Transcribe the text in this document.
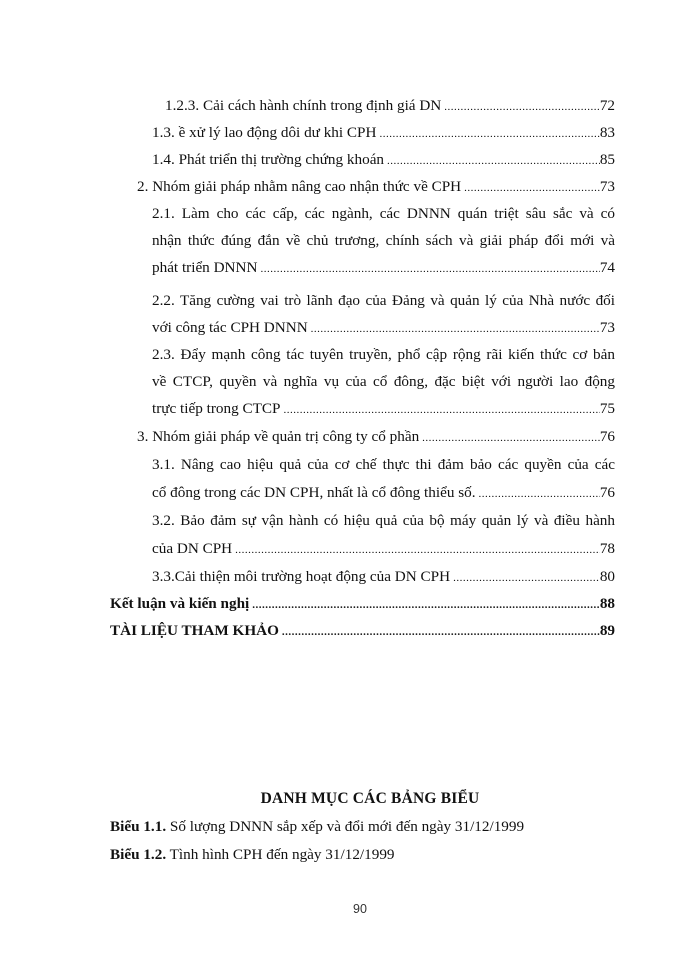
1.2.3. Cải cách hành chính trong định giá DN .....	72
1.3. ề xử lý lao động dôi dư khi CPH .....	83
1.4. Phát triển thị trường chứng khoán .....	85
2. Nhóm giải pháp nhằm nâng cao nhận thức về CPH .....	73
2.1. Làm cho các cấp, các ngành, các DNNN quán triệt sâu sắc và có
nhận thức đúng đắn về chủ trương, chính sách và giải pháp đổi mới và
phát triển DNNN .....	74
2.2. Tăng cường vai trò lãnh đạo của Đảng và quản lý của Nhà nước đối
với công tác CPH DNNN .....	73
2.3. Đẩy mạnh công tác tuyên truyền, phổ cập rộng rãi kiến thức cơ bản
về CTCP, quyền và nghĩa vụ của cổ đông, đặc biệt với người lao động
trực tiếp trong CTCP .....	75
3. Nhóm giải pháp về quản trị công ty cổ phần .....	76
3.1. Nâng cao hiệu quả của cơ chế thực thi đảm bảo các quyền của các
cổ đông trong các DN CPH, nhất là cổ đông thiểu số. .....	76
3.2. Bảo đảm sự vận hành có hiệu quả của bộ máy quản lý và điều hành
của DN CPH .....	78
3.3.Cải thiện môi trường hoạt động của DN CPH .....	80
Kết luận và kiến nghị .....	88
TÀI LIỆU THAM KHẢO .....	89
DANH MỤC CÁC BẢNG BIỂU
Biểu 1.1. Số lượng DNNN sắp xếp và đổi mới đến ngày 31/12/1999
Biểu 1.2. Tình hình CPH đến ngày 31/12/1999
90
